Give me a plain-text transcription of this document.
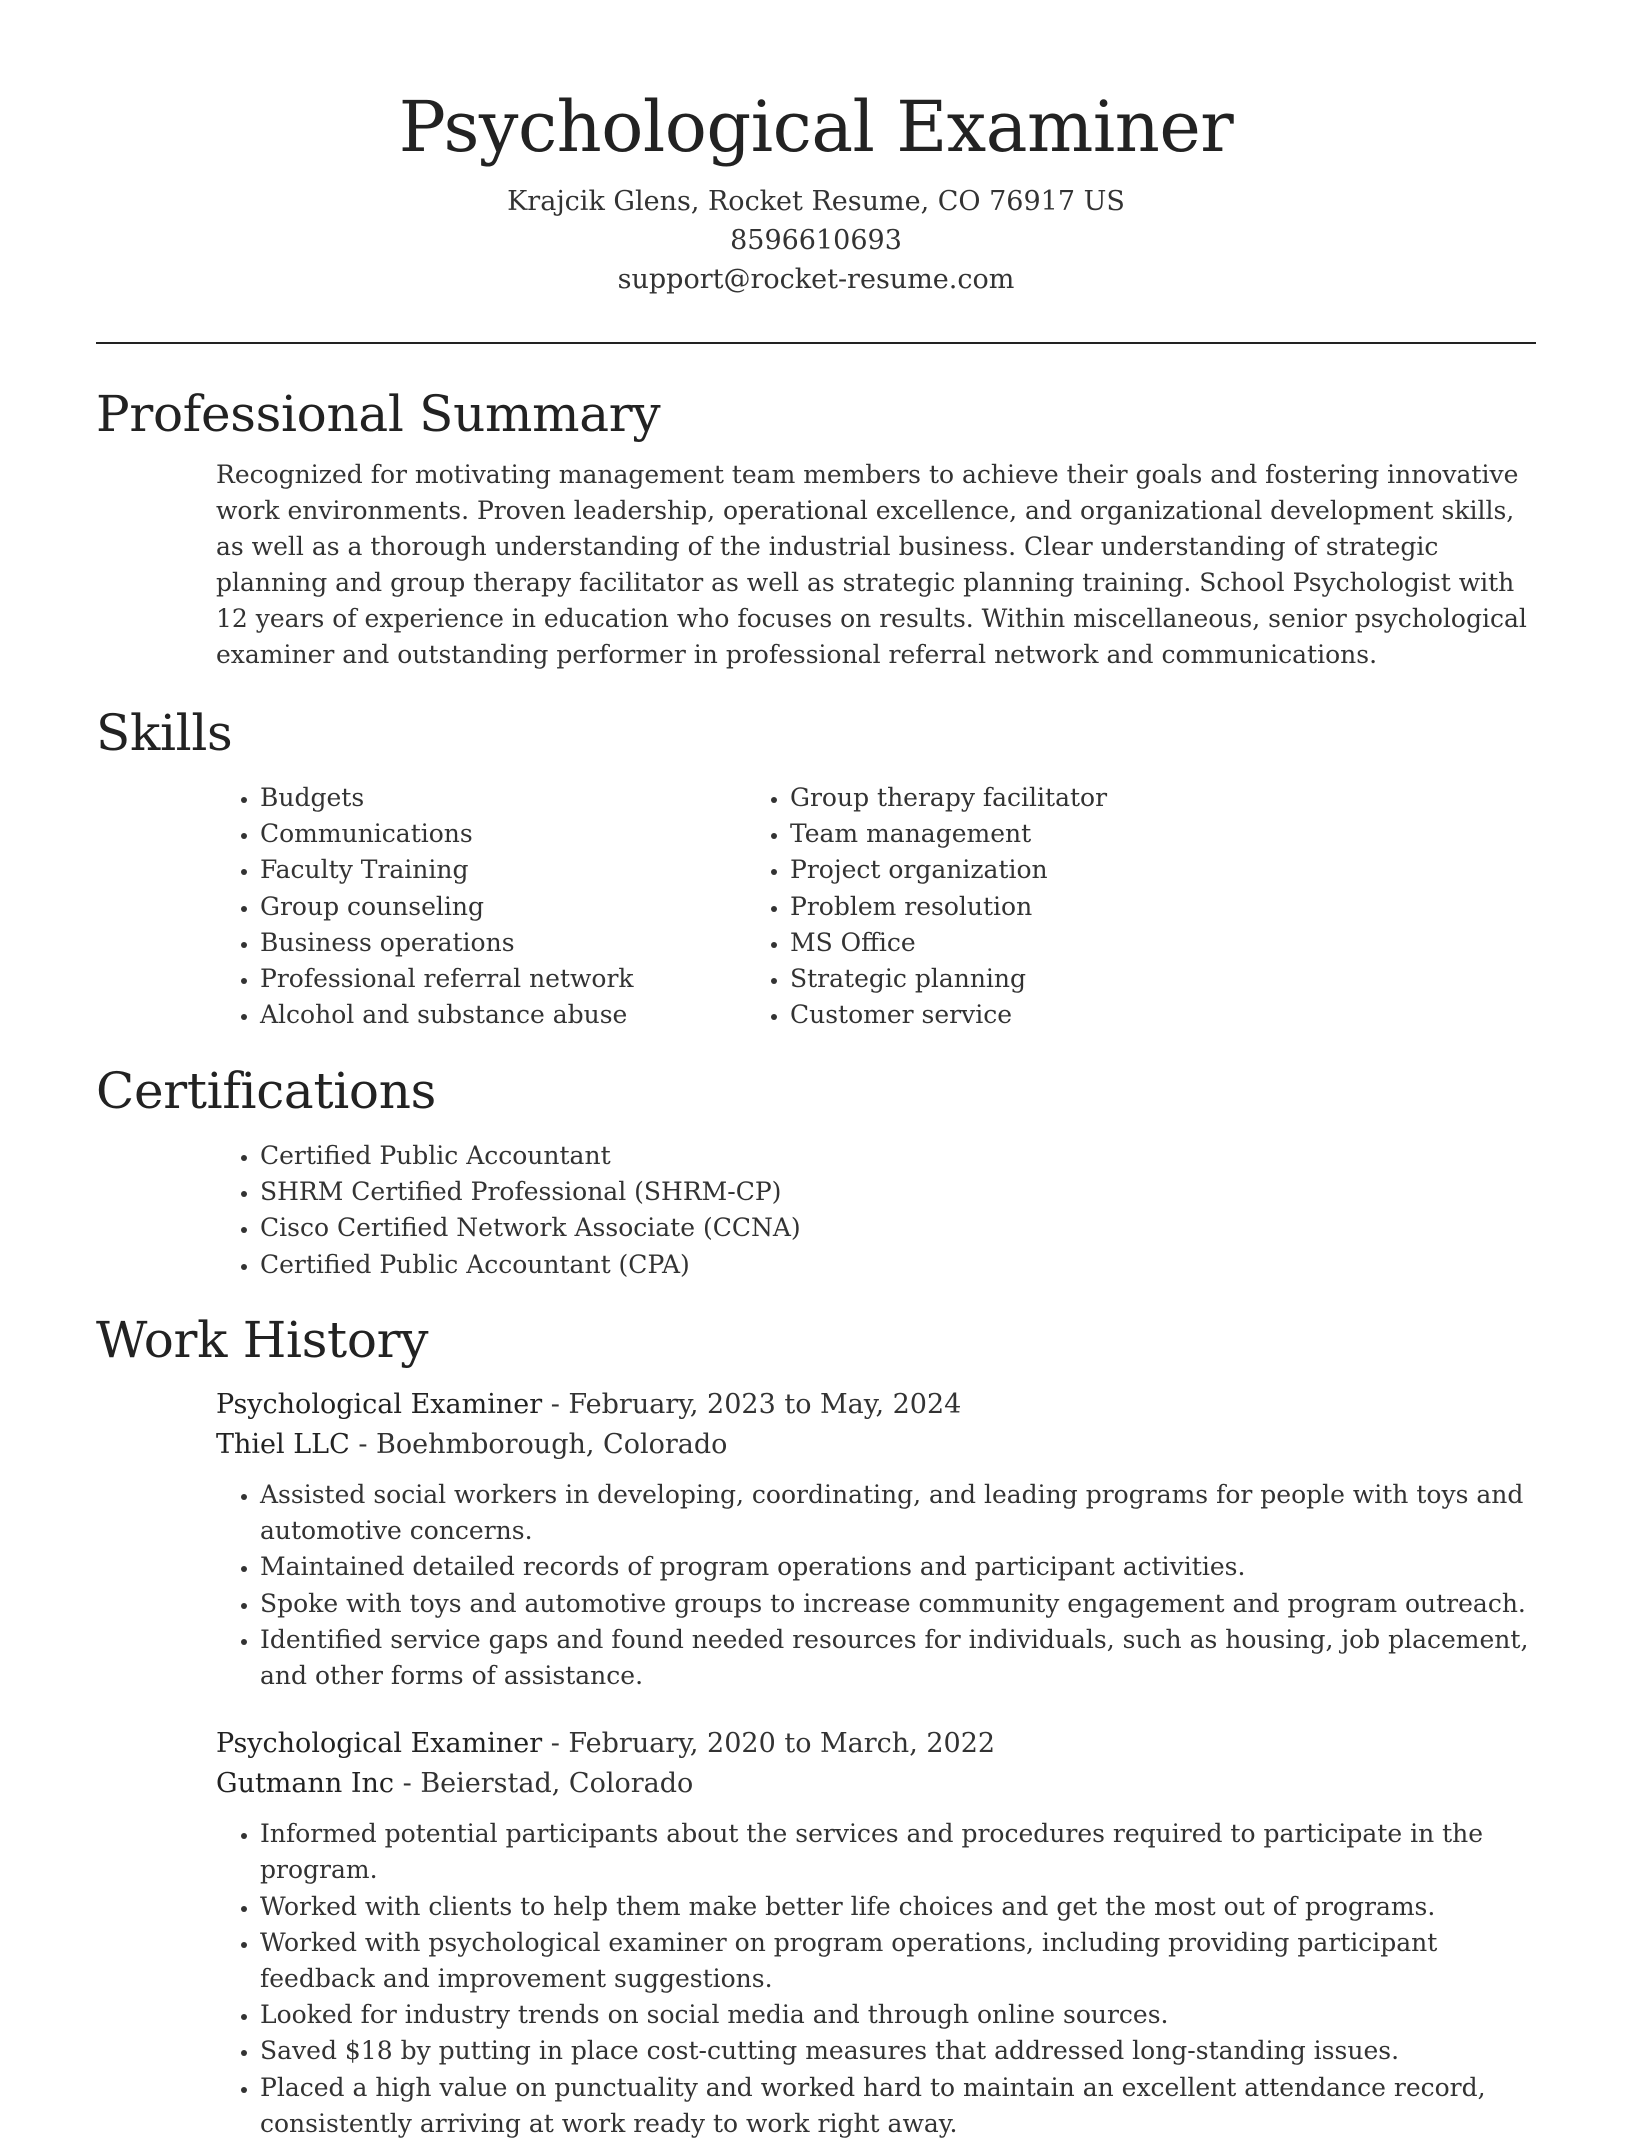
Psychological Examiner
Krajcik Glens, Rocket Resume, CO 76917 US
8596610693
support@rocket-resume.com
Professional Summary
Recognized for motivating management team members to achieve their goals and fostering innovative work environments. Proven leadership, operational excellence, and organizational development skills, as well as a thorough understanding of the industrial business. Clear understanding of strategic planning and group therapy facilitator as well as strategic planning training. School Psychologist with 12 years of experience in education who focuses on results. Within miscellaneous, senior psychological examiner and outstanding performer in professional referral network and communications.
Skills
• Budgets
• Communications
• Faculty Training
• Group counseling
• Business operations
• Professional referral network
• Alcohol and substance abuse
• Group therapy facilitator
• Team management
• Project organization
• Problem resolution
• MS Office
• Strategic planning
• Customer service
Certifications
• Certified Public Accountant
• SHRM Certified Professional (SHRM-CP)
• Cisco Certified Network Associate (CCNA)
• Certified Public Accountant (CPA)
Work History
Psychological Examiner - February, 2023 to May, 2024
Thiel LLC - Boehmborough, Colorado
• Assisted social workers in developing, coordinating, and leading programs for people with toys and automotive concerns.
• Maintained detailed records of program operations and participant activities.
• Spoke with toys and automotive groups to increase community engagement and program outreach.
• Identified service gaps and found needed resources for individuals, such as housing, job placement, and other forms of assistance.
Psychological Examiner - February, 2020 to March, 2022
Gutmann Inc - Beierstad, Colorado
• Informed potential participants about the services and procedures required to participate in the program.
• Worked with clients to help them make better life choices and get the most out of programs.
• Worked with psychological examiner on program operations, including providing participant feedback and improvement suggestions.
• Looked for industry trends on social media and through online sources.
• Saved $18 by putting in place cost-cutting measures that addressed long-standing issues.
• Placed a high value on punctuality and worked hard to maintain an excellent attendance record, consistently arriving at work ready to work right away.
